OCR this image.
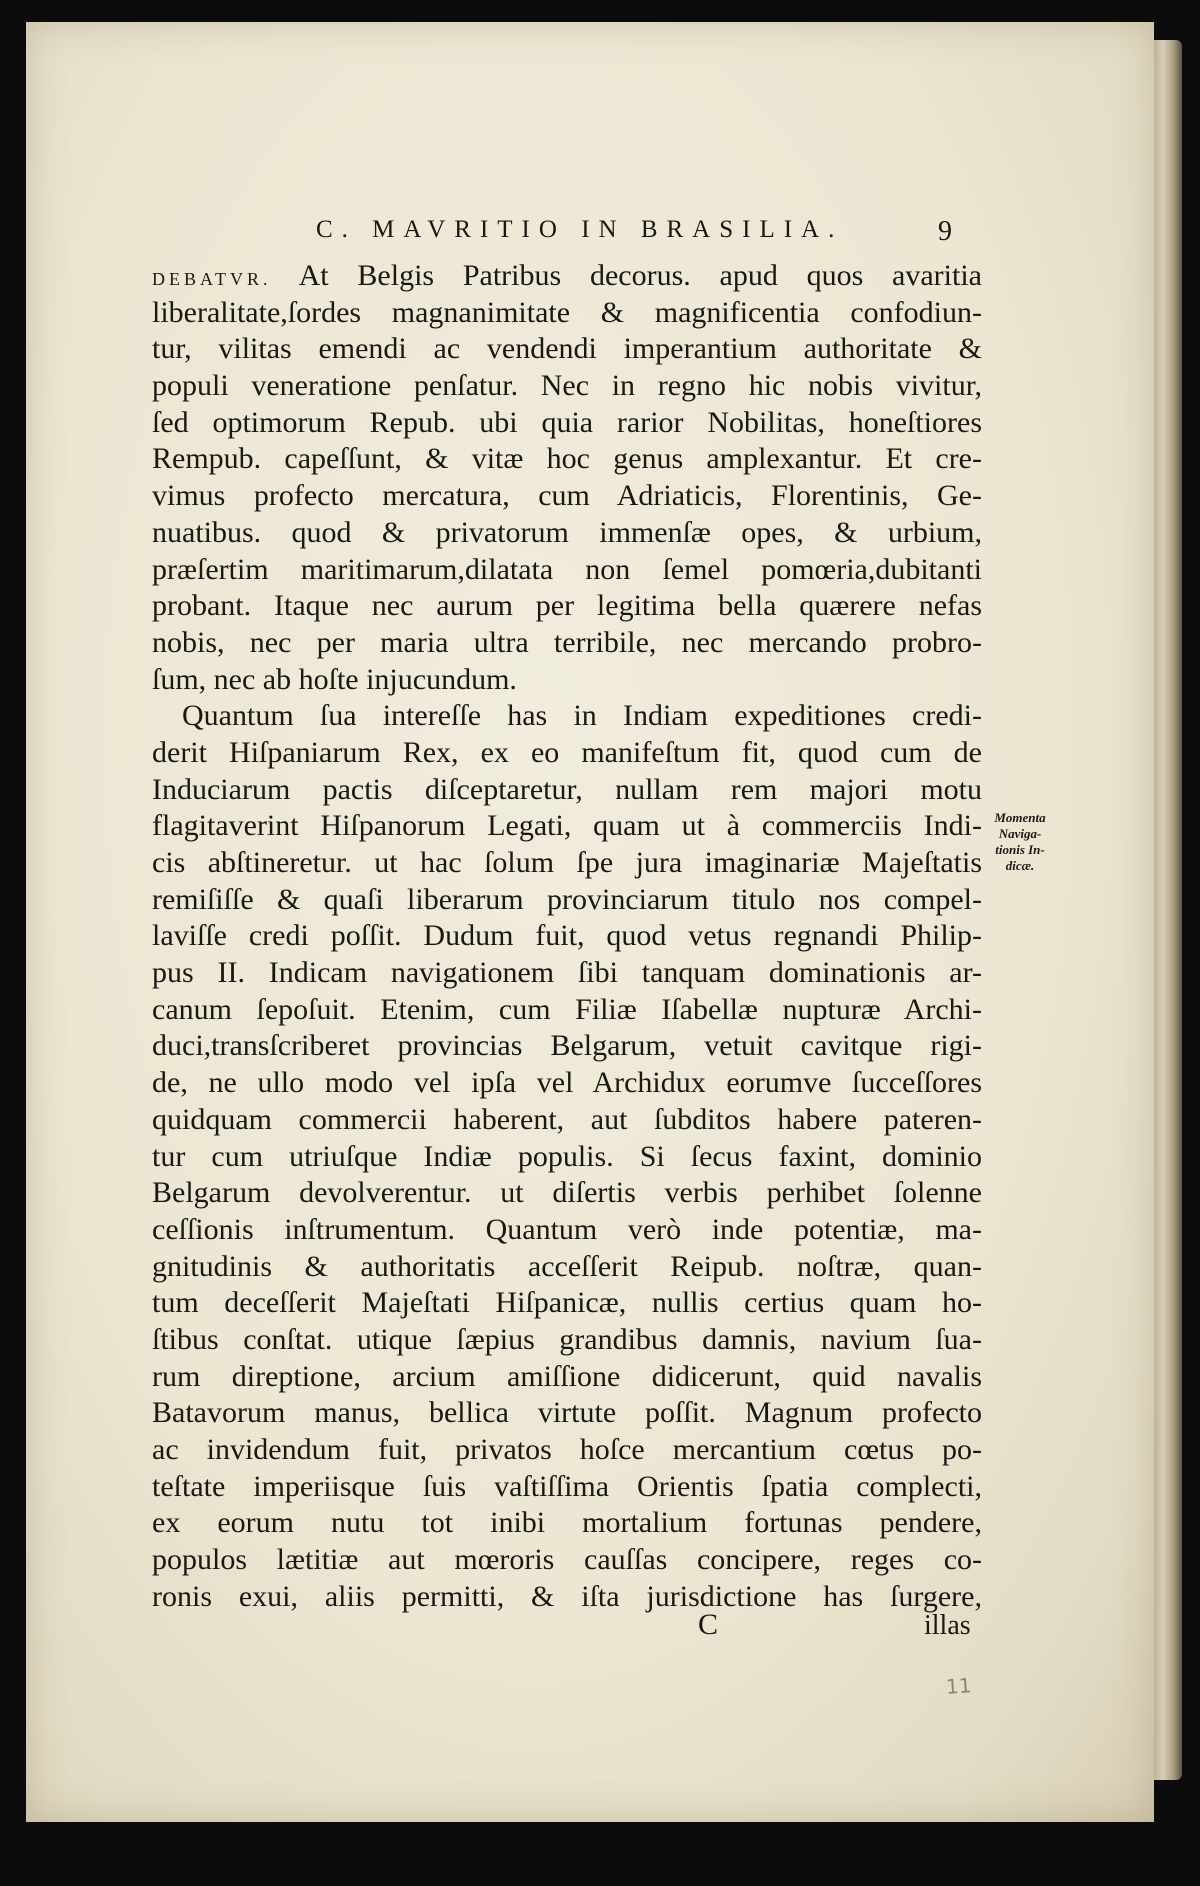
C. MAVRITIO IN BRASILIA.	9
DEBATVR. At Belgis Patribus decorus. apud quos avaritia
liberalitate,ſordes magnanimitate & magnificentia confodiun-
tur, vilitas emendi ac vendendi imperantium authoritate &
populi veneratione penſatur. Nec in regno hic nobis vivitur,
ſed optimorum Repub. ubi quia rarior Nobilitas, honeſtiores
Rempub. capeſſunt, & vitæ hoc genus amplexantur. Et cre-
vimus profecto mercatura, cum Adriaticis, Florentinis, Ge-
nuatibus. quod & privatorum immenſæ opes, & urbium,
præſertim maritimarum,dilatata non ſemel pomœria,dubitanti
probant. Itaque nec aurum per legitima bella quærere nefas
nobis, nec per maria ultra terribile, nec mercando probro-
ſum, nec ab hoſte injucundum.
Quantum ſua intereſſe has in Indiam expeditiones credi-
derit Hiſpaniarum Rex, ex eo manifeſtum fit, quod cum de
Induciarum pactis diſceptaretur, nullam rem majori motu
flagitaverint Hiſpanorum Legati, quam ut à commerciis Indi-
cis abſtineretur. ut hac ſolum ſpe jura imaginariæ Majeſtatis
remiſiſſe & quaſi liberarum provinciarum titulo nos compel-
laviſſe credi poſſit. Dudum fuit, quod vetus regnandi Philip-
pus II. Indicam navigationem ſibi tanquam dominationis ar-
canum ſepoſuit. Etenim, cum Filiæ Iſabellæ nupturæ Archi-
duci,transſcriberet provincias Belgarum, vetuit cavitque rigi-
de, ne ullo modo vel ipſa vel Archidux eorumve ſucceſſores
quidquam commercii haberent, aut ſubditos habere pateren-
tur cum utriuſque Indiæ populis. Si ſecus faxint, dominio
Belgarum devolverentur. ut diſertis verbis perhibet ſolenne
ceſſionis inſtrumentum. Quantum verò inde potentiæ, ma-
gnitudinis & authoritatis acceſſerit Reipub. noſtræ, quan-
tum deceſſerit Majeſtati Hiſpanicæ, nullis certius quam ho-
ſtibus conſtat. utique ſæpius grandibus damnis, navium ſua-
rum direptione, arcium amiſſione didicerunt, quid navalis
Batavorum manus, bellica virtute poſſit. Magnum profecto
ac invidendum fuit, privatos hoſce mercantium cœtus po-
teſtate imperiisque ſuis vaſtiſſima Orientis ſpatia complecti,
ex eorum nutu tot inibi mortalium fortunas pendere,
populos lætitiæ aut mœroris cauſſas concipere, reges co-
ronis exui, aliis permitti, & iſta jurisdictione has ſurgere,
Momenta
Naviga-
tionis In-
dicæ.
C	illas
11
